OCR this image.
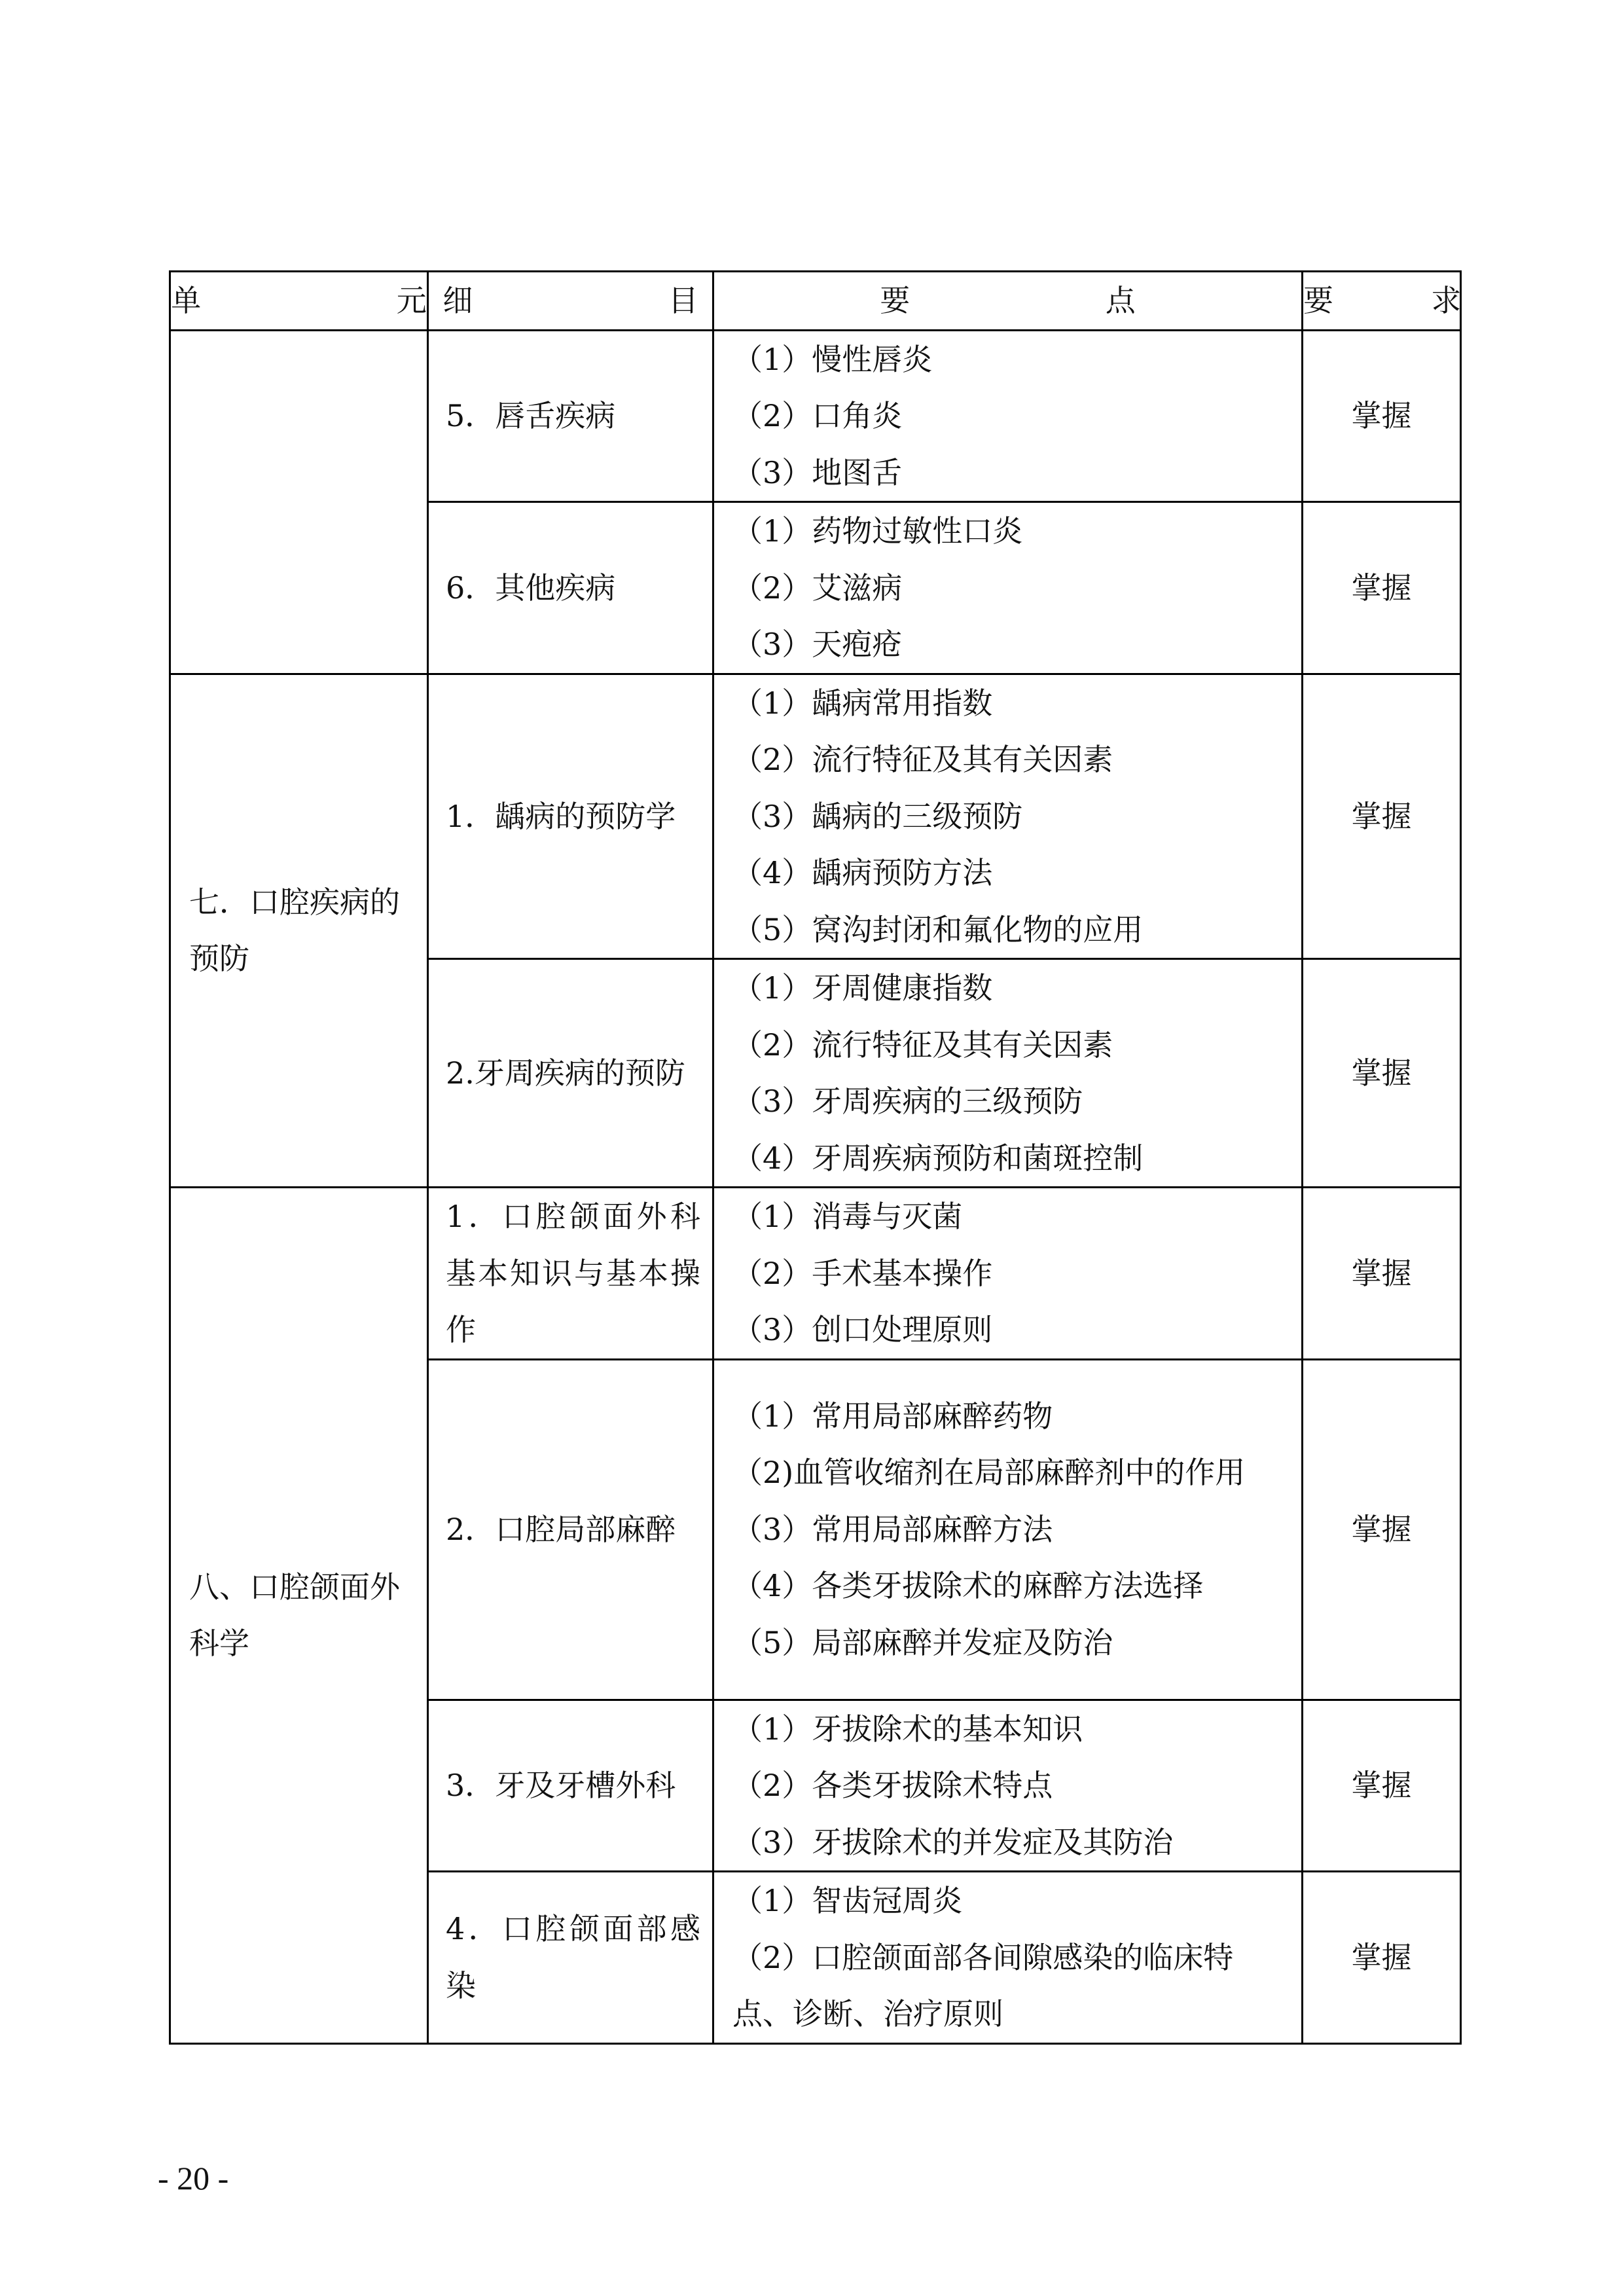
单    元	细    目	要    点	要  求
	5．唇舌疾病	（1）慢性唇炎
（2）口角炎
（3）地图舌	掌握
	6．其他疾病	（1）药物过敏性口炎
（2）艾滋病
（3）天疱疮	掌握
七．口腔疾病的预防	1．龋病的预防学	（1）龋病常用指数
（2）流行特征及其有关因素
（3）龋病的三级预防
（4）龋病预防方法
（5）窝沟封闭和氟化物的应用	掌握
	2.牙周疾病的预防	（1）牙周健康指数
（2）流行特征及其有关因素
（3）牙周疾病的三级预防
（4）牙周疾病预防和菌斑控制	掌握
八、口腔颌面外科学	1．口腔颌面外科基本知识与基本操作	（1）消毒与灭菌
（2）手术基本操作
（3）创口处理原则	掌握
	2．口腔局部麻醉	（1）常用局部麻醉药物
（2)血管收缩剂在局部麻醉剂中的作用
（3）常用局部麻醉方法
（4）各类牙拔除术的麻醉方法选择
（5）局部麻醉并发症及防治	掌握
	3．牙及牙槽外科	（1）牙拔除术的基本知识
（2）各类牙拔除术特点
（3）牙拔除术的并发症及其防治	掌握
	4．口腔颌面部感染	（1）智齿冠周炎
（2）口腔颌面部各间隙感染的临床特点、诊断、治疗原则	掌握
- 20 -
